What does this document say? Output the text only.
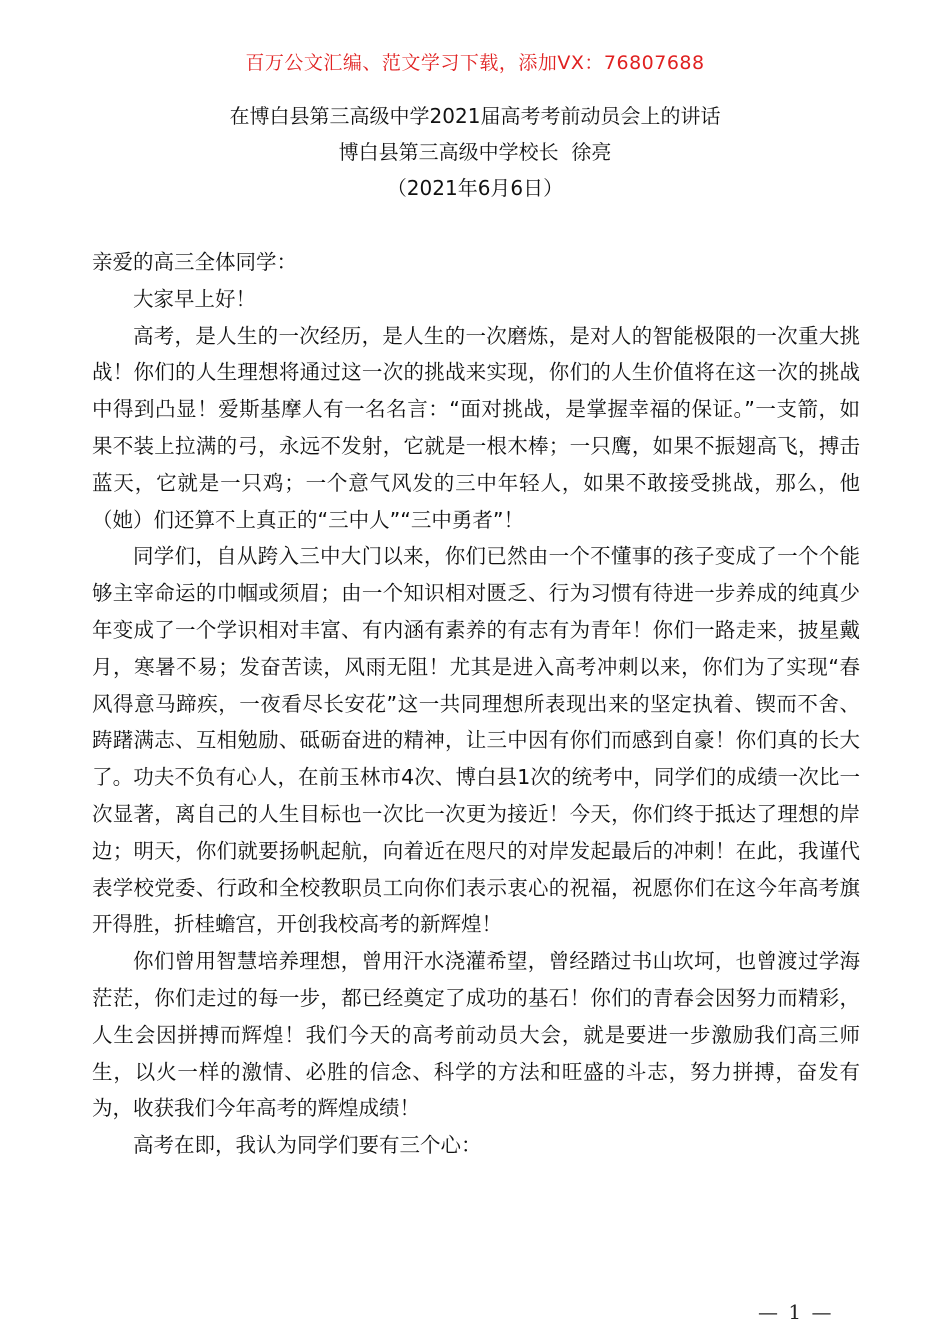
百万公文汇编、范文学习下载，添加VX：76807688
在博白县第三高级中学2021届高考考前动员会上的讲话
博白县第三高级中学校长  徐亮
（2021年6月6日）

亲爱的高三全体同学：

大家早上好！

高考，是人生的一次经历，是人生的一次磨炼，是对人的智能极限的一次重大挑战！你们的人生理想将通过这一次的挑战来实现，你们的人生价值将在这一次的挑战中得到凸显！爱斯基摩人有一名名言：“面对挑战，是掌握幸福的保证。”一支箭，如果不装上拉满的弓，永远不发射，它就是一根木棒；一只鹰，如果不振翅高飞，搏击蓝天，它就是一只鸡；一个意气风发的三中年轻人，如果不敢接受挑战，那么，他（她）们还算不上真正的“三中人”“三中勇者”！

同学们，自从跨入三中大门以来，你们已然由一个不懂事的孩子变成了一个个能够主宰命运的巾帼或须眉；由一个知识相对匮乏、行为习惯有待进一步养成的纯真少年变成了一个学识相对丰富、有内涵有素养的有志有为青年！你们一路走来，披星戴月，寒暑不易；发奋苦读，风雨无阻！尤其是进入高考冲刺以来，你们为了实现“春风得意马蹄疾，一夜看尽长安花”这一共同理想所表现出来的坚定执着、锲而不舍、踌躇满志、互相勉励、砥砺奋进的精神，让三中因有你们而感到自豪！你们真的长大了。功夫不负有心人，在前玉林市4次、博白县1次的统考中，同学们的成绩一次比一次显著，离自己的人生目标也一次比一次更为接近！今天，你们终于抵达了理想的岸边；明天，你们就要扬帆起航，向着近在咫尺的对岸发起最后的冲刺！在此，我谨代表学校党委、行政和全校教职员工向你们表示衷心的祝福，祝愿你们在这今年高考旗开得胜，折桂蟾宫，开创我校高考的新辉煌！

你们曾用智慧培养理想，曾用汗水浇灌希望，曾经踏过书山坎坷，也曾渡过学海茫茫，你们走过的每一步，都已经奠定了成功的基石！你们的青春会因努力而精彩，人生会因拼搏而辉煌！我们今天的高考前动员大会，就是要进一步激励我们高三师生，以火一样的激情、必胜的信念、科学的方法和旺盛的斗志，努力拼搏，奋发有为，收获我们今年高考的辉煌成绩！

高考在即，我认为同学们要有三个心：

— 1 —
